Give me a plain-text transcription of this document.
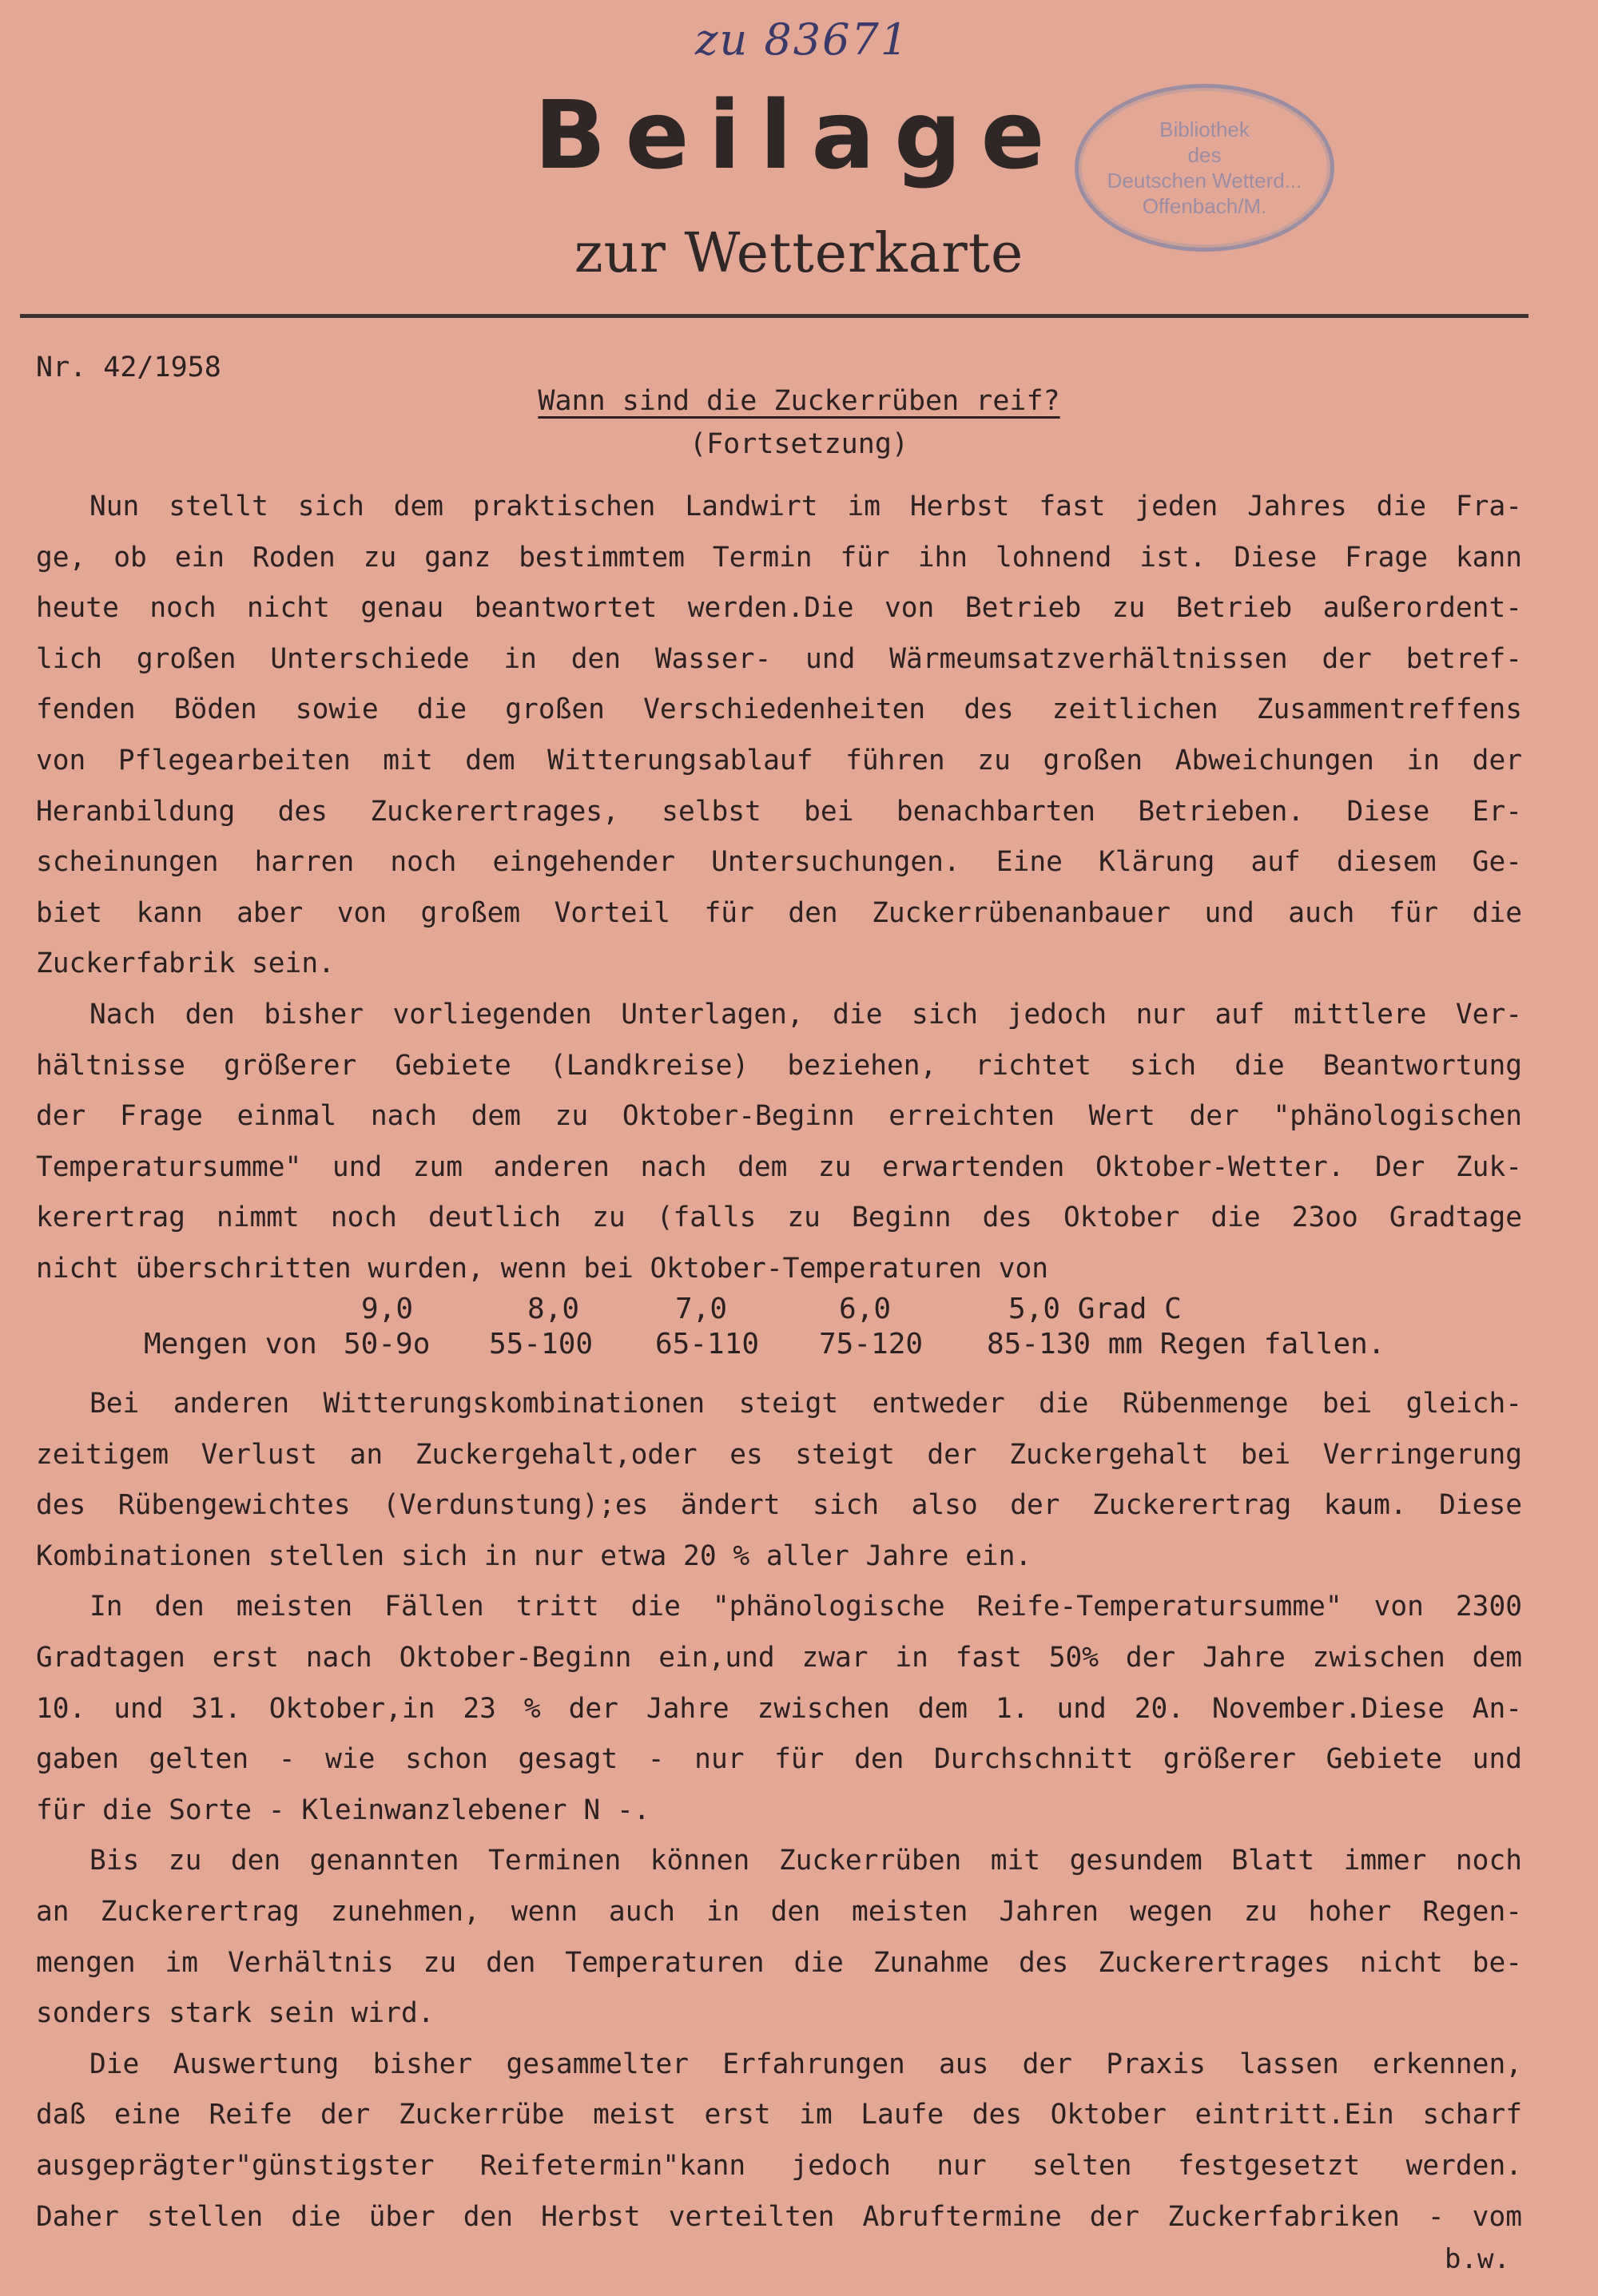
zu 83671
Beilage
zur Wetterkarte
Bibliothek
des
Deutschen Wetterd...
Offenbach/M.
Nr. 42/1958
Wann sind die Zuckerrüben reif?
(Fortsetzung)
Nun stellt sich dem praktischen Landwirt im Herbst fast jeden Jahres die Fra-
ge, ob ein Roden zu ganz bestimmtem Termin für ihn lohnend ist. Diese Frage kann
heute noch nicht genau beantwortet werden.Die von Betrieb zu Betrieb außerordent-
lich großen Unterschiede in den Wasser- und Wärmeumsatzverhältnissen der betref-
fenden Böden sowie die großen Verschiedenheiten des zeitlichen Zusammentreffens
von Pflegearbeiten mit dem Witterungsablauf führen zu großen Abweichungen in der
Heranbildung des Zuckerertrages, selbst bei benachbarten Betrieben. Diese Er-
scheinungen harren noch eingehender Untersuchungen. Eine Klärung auf diesem Ge-
biet kann aber von großem Vorteil für den Zuckerrübenanbauer und auch für die
Zuckerfabrik sein.
Nach den bisher vorliegenden Unterlagen, die sich jedoch nur auf mittlere Ver-
hältnisse größerer Gebiete (Landkreise) beziehen, richtet sich die Beantwortung
der Frage einmal nach dem zu Oktober-Beginn erreichten Wert der "phänologischen
Temperatursumme" und zum anderen nach dem zu erwartenden Oktober-Wetter. Der Zuk-
kerertrag nimmt noch deutlich zu (falls zu Beginn des Oktober die 23oo Gradtage
nicht überschritten wurden, wenn bei Oktober-Temperaturen von
9,0	8,0	7,0	6,0	5,0 Grad C
Mengen von 50-9o 55-100 65-110 75-120 85-130 mm Regen fallen.
Bei anderen Witterungskombinationen steigt entweder die Rübenmenge bei gleich-
zeitigem Verlust an Zuckergehalt,oder es steigt der Zuckergehalt bei Verringerung
des Rübengewichtes (Verdunstung);es ändert sich also der Zuckerertrag kaum. Diese
Kombinationen stellen sich in nur etwa 20 % aller Jahre ein.
In den meisten Fällen tritt die "phänologische Reife-Temperatursumme" von 2300
Gradtagen erst nach Oktober-Beginn ein,und zwar in fast 50% der Jahre zwischen dem
10. und 31. Oktober,in 23 % der Jahre zwischen dem 1. und 20. November.Diese An-
gaben gelten - wie schon gesagt - nur für den Durchschnitt größerer Gebiete und
für die Sorte - Kleinwanzlebener N -.
Bis zu den genannten Terminen können Zuckerrüben mit gesundem Blatt immer noch
an Zuckerertrag zunehmen, wenn auch in den meisten Jahren wegen zu hoher Regen-
mengen im Verhältnis zu den Temperaturen die Zunahme des Zuckerertrages nicht be-
sonders stark sein wird.
Die Auswertung bisher gesammelter Erfahrungen aus der Praxis lassen erkennen,
daß eine Reife der Zuckerrübe meist erst im Laufe des Oktober eintritt.Ein scharf
ausgeprägter"günstigster Reifetermin"kann jedoch nur selten festgesetzt werden.
Daher stellen die über den Herbst verteilten Abruftermine der Zuckerfabriken - vom
b.w.
